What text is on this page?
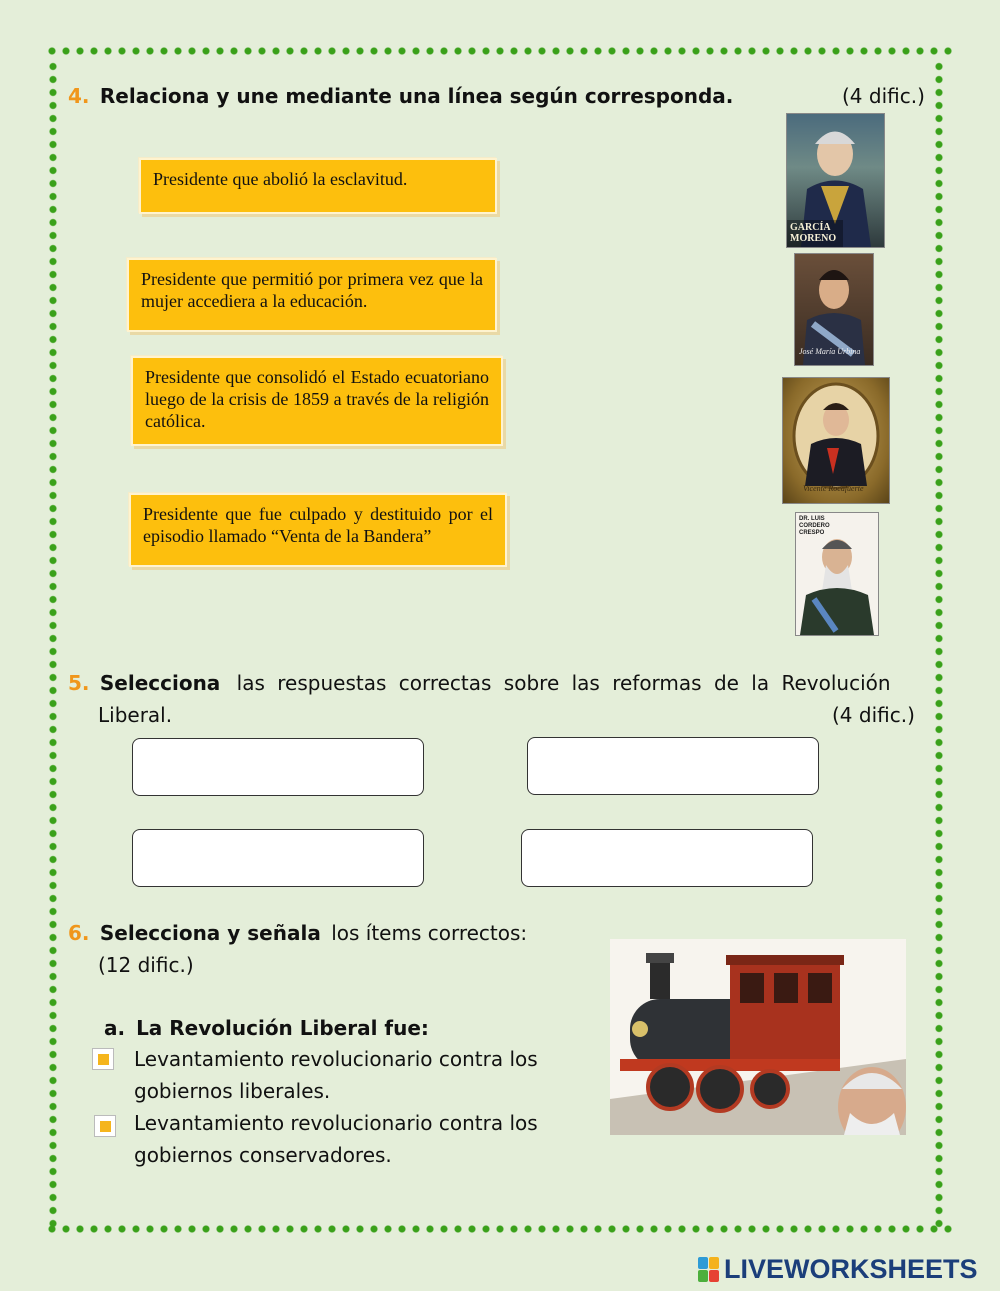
4. Relaciona y une mediante una línea según corresponda.	(4 dific.)
Presidente que abolió la esclavitud.
Presidente que permitió por primera vez que la mujer accediera a la educación.
Presidente que consolidó el Estado ecuatoriano luego de la crisis de 1859 a través de la religión católica.
Presidente que fue culpado y destituido por el episodio llamado “Venta de la Bandera”
GARCÍA MORENO
José María Urbina
Vicente Rocafuerte
DR. LUIS CORDERO CRESPO
5. Selecciona las respuestas correctas sobre las reformas de la Revolución
Liberal.	(4 dific.)
6. Selecciona y señala los ítems correctos:
(12 dific.)
a. La Revolución Liberal fue:
Levantamiento revolucionario contra los
gobiernos liberales.
Levantamiento revolucionario contra los
gobiernos conservadores.
LIVEWORKSHEETS
